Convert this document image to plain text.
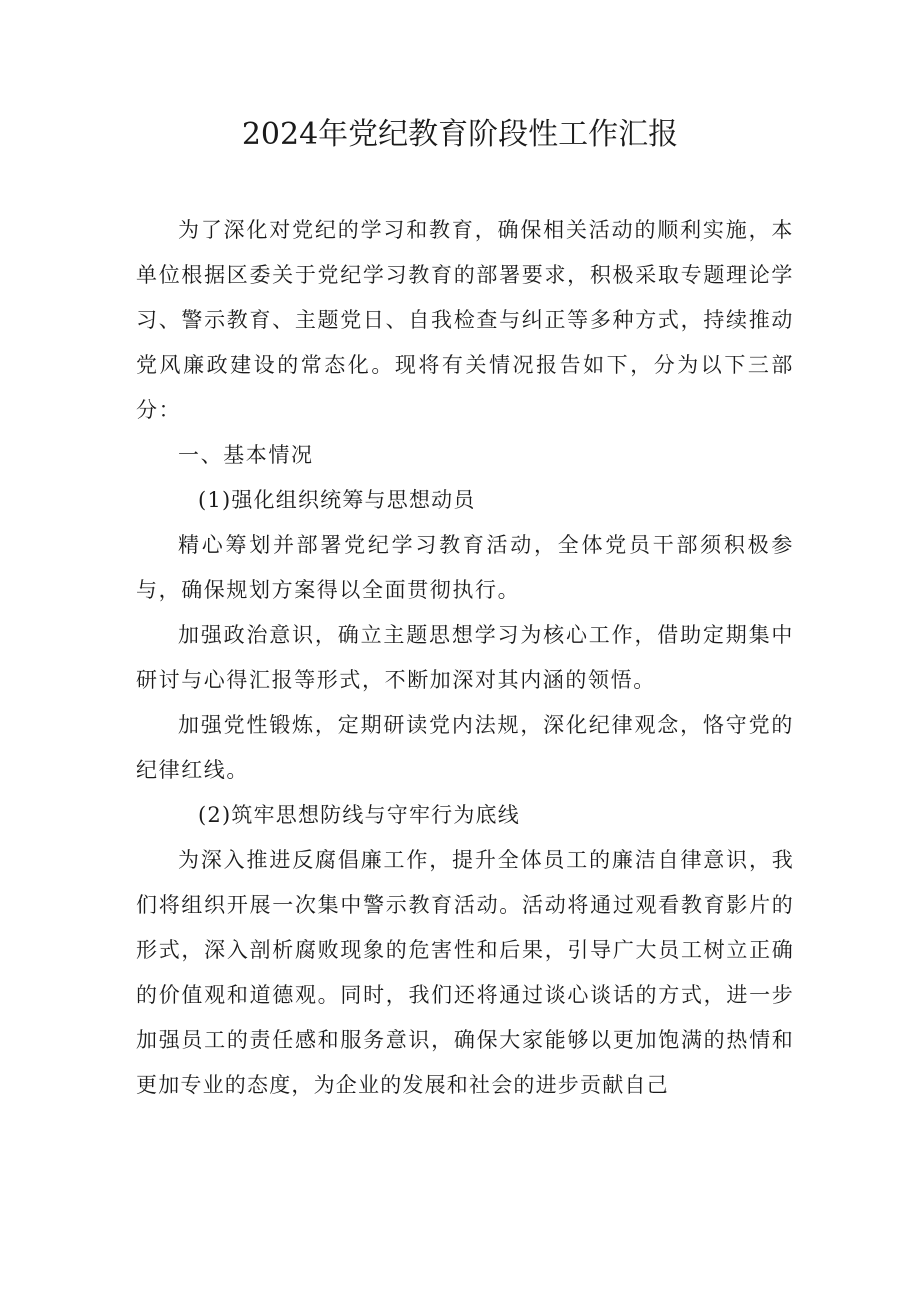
2024年党纪教育阶段性工作汇报

为了深化对党纪的学习和教育，确保相关活动的顺利实施，本单位根据区委关于党纪学习教育的部署要求，积极采取专题理论学习、警示教育、主题党日、自我检查与纠正等多种方式，持续推动党风廉政建设的常态化。现将有关情况报告如下，分为以下三部分：

一、基本情况

(1)强化组织统筹与思想动员

精心筹划并部署党纪学习教育活动，全体党员干部须积极参与，确保规划方案得以全面贯彻执行。

加强政治意识，确立主题思想学习为核心工作，借助定期集中研讨与心得汇报等形式，不断加深对其内涵的领悟。

加强党性锻炼，定期研读党内法规，深化纪律观念，恪守党的纪律红线。

(2)筑牢思想防线与守牢行为底线

为深入推进反腐倡廉工作，提升全体员工的廉洁自律意识，我们将组织开展一次集中警示教育活动。活动将通过观看教育影片的形式，深入剖析腐败现象的危害性和后果，引导广大员工树立正确的价值观和道德观。同时，我们还将通过谈心谈话的方式，进一步加强员工的责任感和服务意识，确保大家能够以更加饱满的热情和更加专业的态度，为企业的发展和社会的进步贡献自己
